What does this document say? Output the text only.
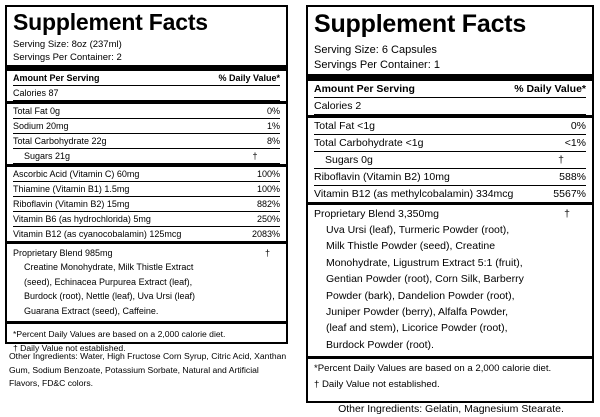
Supplement Facts
Serving Size: 8oz (237ml)
Servings Per Container: 2
Amount Per Serving	% Daily Value*
Calories 87
Total Fat 0g	0%
Sodium 20mg	1%
Total Carbohydrate 22g	8%
Sugars 21g	†
Ascorbic Acid (Vitamin C) 60mg	100%
Thiamine (Vitamin B1) 1.5mg	100%
Riboflavin (Vitamin B2) 15mg	882%
Vitamin B6 (as hydrochlorida) 5mg	250%
Vitamin B12 (as cyanocobalamin) 125mcg	2083%
Proprietary Blend 985mg	†
Creatine Monohydrate, Milk Thistle Extract
(seed), Echinacea Purpurea Extract (leaf),
Burdock (root), Nettle (leaf), Uva Ursi (leaf)
Guarana Extract (seed), Caffeine.
*Percent Daily Values are based on a 2,000 calorie diet.
† Daily Value not established.
Other Ingredients: Water, High Fructose Corn Syrup, Citric Acid, Xanthan Gum, Sodium Benzoate, Potassium Sorbate, Natural and Artificial Flavors, FD&C colors.
Supplement Facts
Serving Size: 6 Capsules
Servings Per Container: 1
Amount Per Serving	% Daily Value*
Calories 2
Total Fat <1g	0%
Total Carbohydrate <1g	<1%
Sugars 0g	†
Riboflavin (Vitamin B2) 10mg	588%
Vitamin B12 (as methylcobalamin) 334mcg	5567%
Proprietary Blend 3,350mg	†
Uva Ursi (leaf), Turmeric Powder (root),
Milk Thistle Powder (seed), Creatine
Monohydrate, Ligustrum Extract 5:1 (fruit),
Gentian Powder (root), Corn Silk, Barberry
Powder (bark), Dandelion Powder (root),
Juniper Powder (berry), Alfalfa Powder,
(leaf and stem), Licorice Powder (root),
Burdock Powder (root).
*Percent Daily Values are based on a 2,000 calorie diet.
† Daily Value not established.
Other Ingredients: Gelatin, Magnesium Stearate.
